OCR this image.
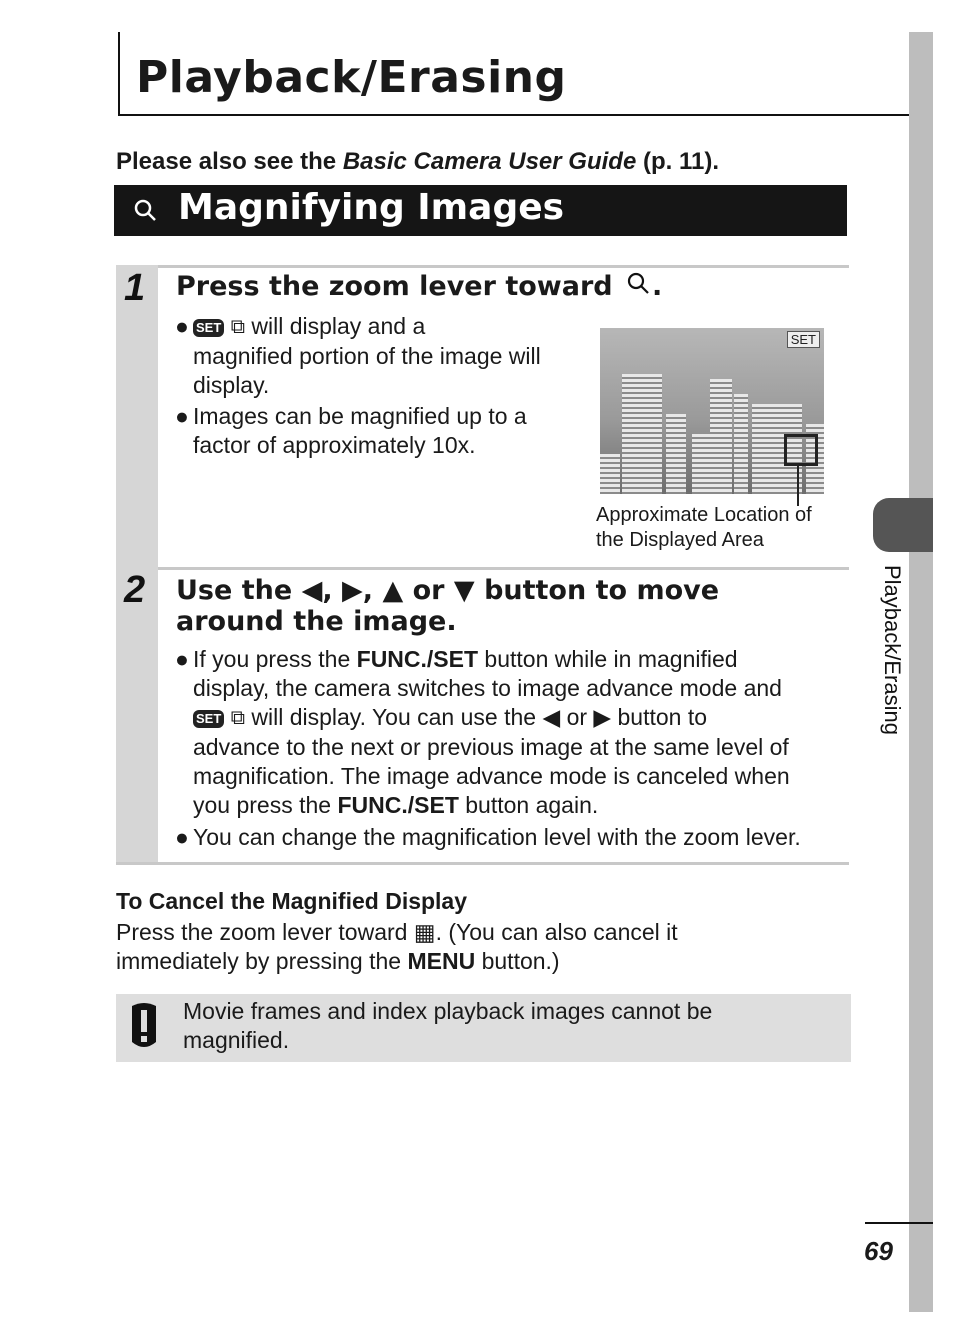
Playback/Erasing

Please also see the Basic Camera User Guide (p. 11).

Magnifying Images
1 Press the zoom lever toward .
● SET ⧉ will display and a
magnified portion of the image will
display.
● Images can be magnified up to a
factor of approximately 10x.
SET
Approximate Location of
the Displayed Area
2 Use the ◀, ▶, ▲ or ▼ button to move
around the image.
● If you press the FUNC./SET button while in magnified
display, the camera switches to image advance mode and
SET ⧉ will display. You can use the ◀ or ▶ button to
advance to the next or previous image at the same level of
magnification. The image advance mode is canceled when
you press the FUNC./SET button again.
● You can change the magnification level with the zoom lever.
To Cancel the Magnified Display
Press the zoom lever toward ▦. (You can also cancel it
immediately by pressing the MENU button.)
Movie frames and index playback images cannot be
magnified.
Playback/Erasing
69
